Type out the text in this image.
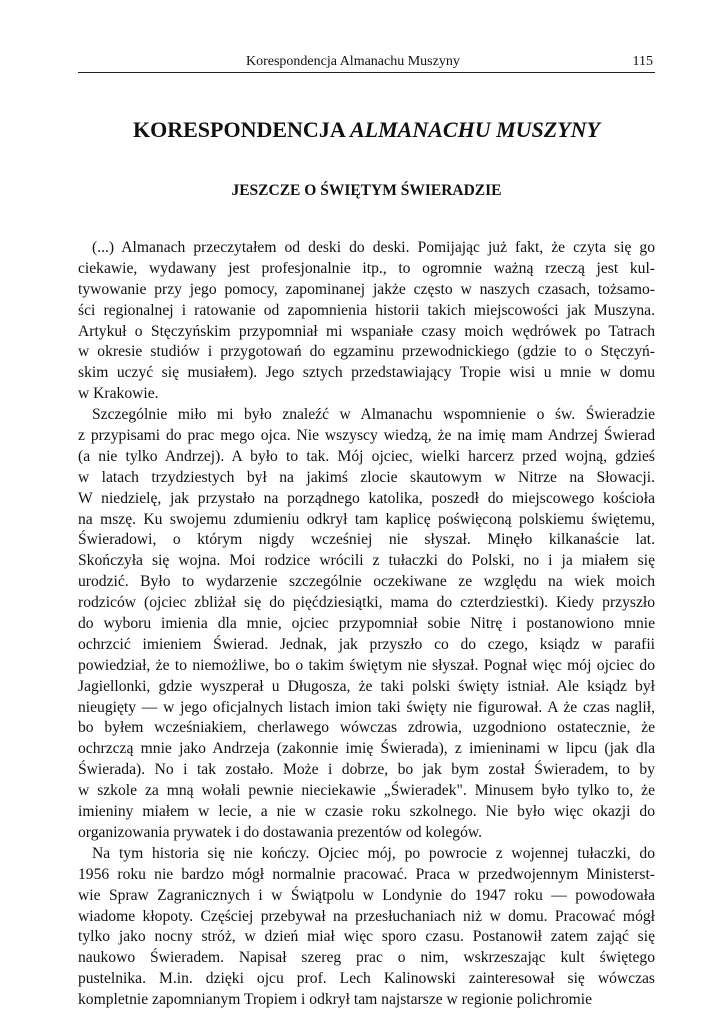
Korespondencja Almanachu Muszyny	115
KORESPONDENCJA ALMANACHU MUSZYNY
JESZCZE O ŚWIĘTYM ŚWIERADZIE
(...) Almanach przeczytałem od deski do deski. Pomijając już fakt, że czyta się go
ciekawie, wydawany jest profesjonalnie itp., to ogromnie ważną rzeczą jest kul-
tywowanie przy jego pomocy, zapominanej jakże często w naszych czasach, tożsamo-
ści regionalnej i ratowanie od zapomnienia historii takich miejscowości jak Muszyna.
Artykuł o Stęczyńskim przypomniał mi wspaniałe czasy moich wędrówek po Tatrach
w okresie studiów i przygotowań do egzaminu przewodnickiego (gdzie to o Stęczyń-
skim uczyć się musiałem). Jego sztych przedstawiający Tropie wisi u mnie w domu
w Krakowie.
Szczególnie miło mi było znaleźć w Almanachu wspomnienie o św. Świeradzie
z przypisami do prac mego ojca. Nie wszyscy wiedzą, że na imię mam Andrzej Świerad
(a nie tylko Andrzej). A było to tak. Mój ojciec, wielki harcerz przed wojną, gdzieś
w latach trzydziestych był na jakimś zlocie skautowym w Nitrze na Słowacji.
W niedzielę, jak przystało na porządnego katolika, poszedł do miejscowego kościoła
na mszę. Ku swojemu zdumieniu odkrył tam kaplicę poświęconą polskiemu świętemu,
Świeradowi, o którym nigdy wcześniej nie słyszał. Minęło kilkanaście lat.
Skończyła się wojna. Moi rodzice wrócili z tułaczki do Polski, no i ja miałem się
urodzić. Było to wydarzenie szczególnie oczekiwane ze względu na wiek moich
rodziców (ojciec zbliżał się do pięćdziesiątki, mama do czterdziestki). Kiedy przyszło
do wyboru imienia dla mnie, ojciec przypomniał sobie Nitrę i postanowiono mnie
ochrzcić imieniem Świerad. Jednak, jak przyszło co do czego, ksiądz w parafii
powiedział, że to niemożliwe, bo o takim świętym nie słyszał. Pognał więc mój ojciec do
Jagiellonki, gdzie wyszperał u Długosza, że taki polski święty istniał. Ale ksiądz był
nieugięty — w jego oficjalnych listach imion taki święty nie figurował. A że czas naglił,
bo byłem wcześniakiem, cherlawego wówczas zdrowia, uzgodniono ostatecznie, że
ochrzczą mnie jako Andrzeja (zakonnie imię Świerada), z imieninami w lipcu (jak dla
Świerada). No i tak zostało. Może i dobrze, bo jak bym został Świeradem, to by
w szkole za mną wołali pewnie nieciekawie „Świeradek". Minusem było tylko to, że
imieniny miałem w lecie, a nie w czasie roku szkolnego. Nie było więc okazji do
organizowania prywatek i do dostawania prezentów od kolegów.
Na tym historia się nie kończy. Ojciec mój, po powrocie z wojennej tułaczki, do
1956 roku nie bardzo mógł normalnie pracować. Praca w przedwojennym Ministerst-
wie Spraw Zagranicznych i w Świątpolu w Londynie do 1947 roku — powodowała
wiadome kłopoty. Częściej przebywał na przesłuchaniach niż w domu. Pracować mógł
tylko jako nocny stróż, w dzień miał więc sporo czasu. Postanowił zatem zająć się
naukowo Świeradem. Napisał szereg prac o nim, wskrzeszając kult świętego
pustelnika. M.in. dzięki ojcu prof. Lech Kalinowski zainteresował się wówczas
kompletnie zapomnianym Tropiem i odkrył tam najstarsze w regionie polichromie
